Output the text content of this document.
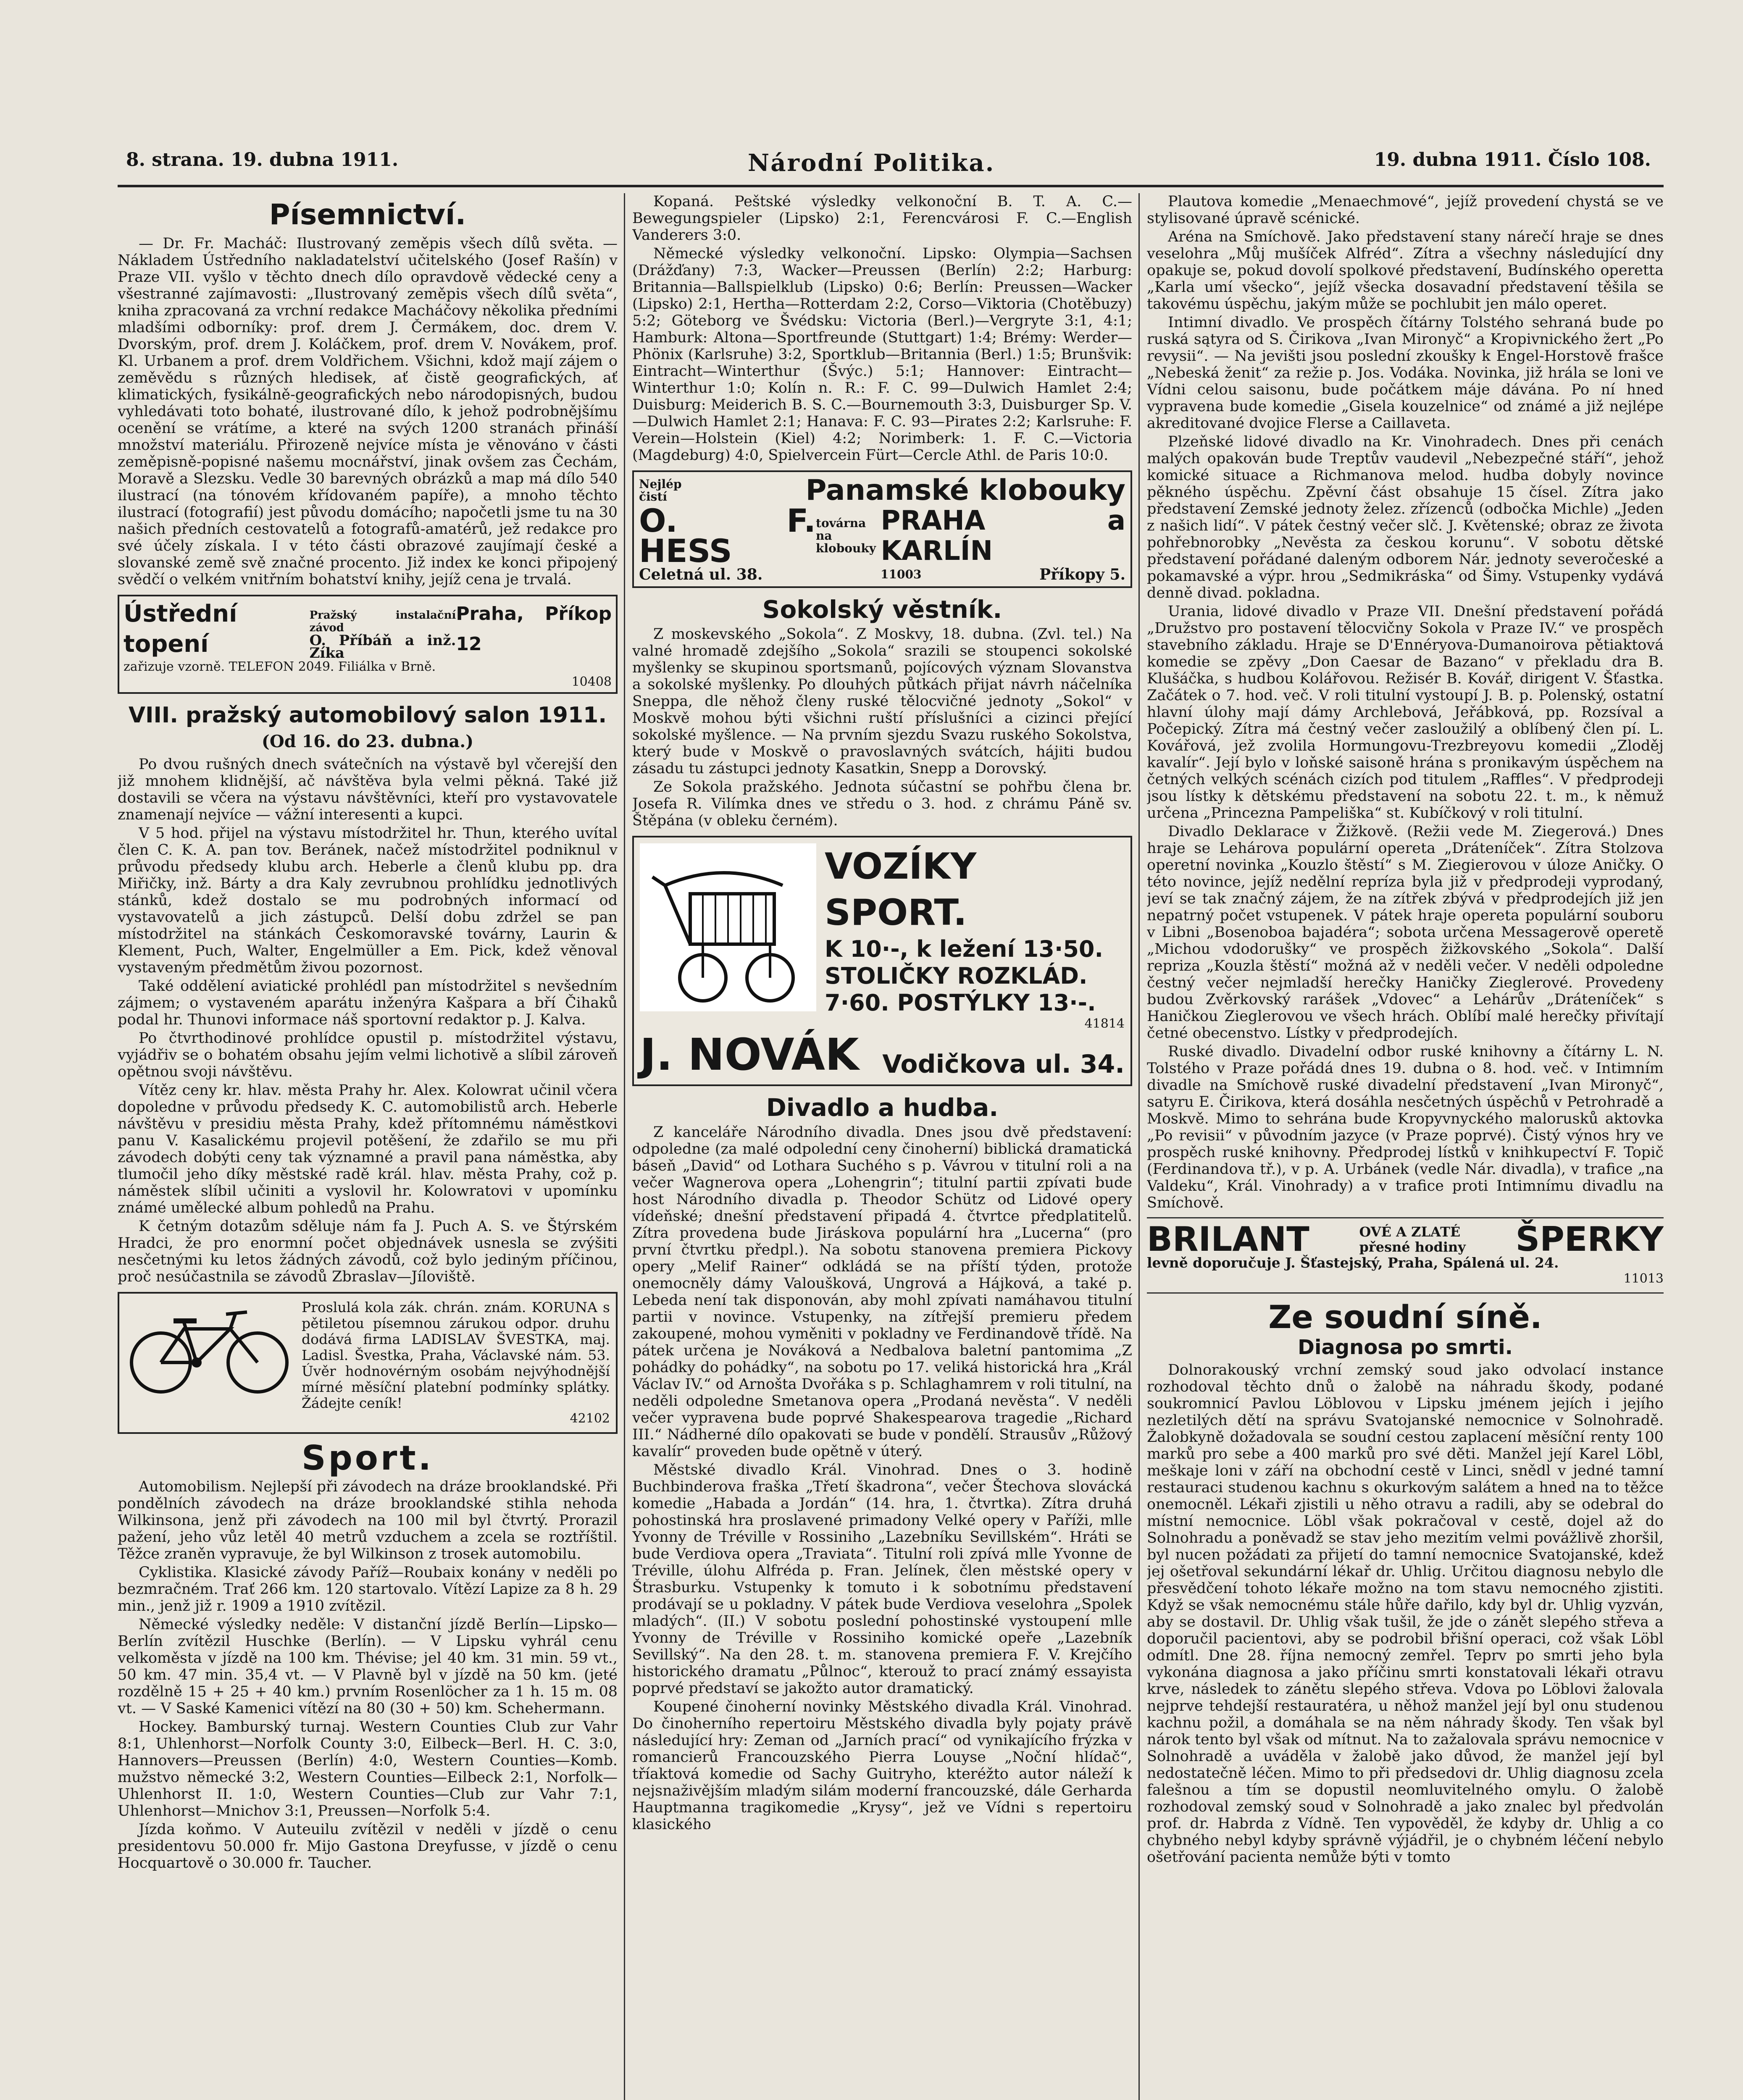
8. strana. 19. dubna 1911.	Národní Politika.	19. dubna 1911. Číslo 108.
Písemnictví.

— Dr. Fr. Macháč: Ilustrovaný zeměpis všech dílů světa. — Nákladem Ústředního nakladatelství učitelského (Josef Rašín) v Praze VII. vyšlo v těchto dnech dílo opravdově vědecké ceny a všestranné zajímavosti: „Ilustrovaný zeměpis všech dílů světa“, kniha zpracovaná za vrchní redakce Macháčovy několika předními mladšími odborníky: prof. drem J. Čermákem, doc. drem V. Dvorským, prof. drem J. Koláčkem, prof. drem V. Novákem, prof. Kl. Urbanem a prof. drem Voldřichem. Všichni, kdož mají zájem o zeměvědu s různých hledisek, ať čistě geografických, ať klimatických, fysikálně-geografických nebo národopisných, budou vyhledávati toto bohaté, ilustrované dílo, k jehož podrobnějšímu ocenění se vrátíme, a které na svých 1200 stranách přináší množství materiálu. Přirozeně nejvíce místa je věnováno v části zeměpisně-popisné našemu mocnářství, jinak ovšem zas Čechám, Moravě a Slezsku. Vedle 30 barevných obrázků a map má dílo 540 ilustrací (na tónovém křídovaném papíře), a mnoho těchto ilustrací (fotografií) jest původu domácího; napočetli jsme tu na 30 našich předních cestovatelů a fotografů-amatérů, jež redakce pro své účely získala. I v této části obrazové zaujímají české a slovanské země svě značné procento. Již index ke konci připojený svědčí o velkém vnitřním bohatství knihy, jejíž cena je trvalá.

Ústřední topení
Pražský instalační závod
O. Příbáň a inž. Zíka
Praha, Příkop 12
zařizuje vzorně. TELEFON 2049. Filiálka v Brně.
10408
VIII. pražský automobilový salon 1911.
(Od 16. do 23. dubna.)

Po dvou rušných dnech svátečních na výstavě byl včerejší den již mnohem klidnější, ač návštěva byla velmi pěkná. Také již dostavili se včera na výstavu návštěvníci, kteří pro vystavovatele znamenají nejvíce — vážní interesenti a kupci.

V 5 hod. přijel na výstavu místodržitel hr. Thun, kterého uvítal člen C. K. A. pan tov. Beránek, načež místodržitel podniknul v průvodu předsedy klubu arch. Heberle a členů klubu pp. dra Miřičky, inž. Bárty a dra Kaly zevrubnou prohlídku jednotlivých stánků, kdež dostalo se mu podrobných informací od vystavovatelů a jich zástupců. Delší dobu zdržel se pan místodržitel na stánkách Českomoravské továrny, Laurin & Klement, Puch, Walter, Engelmüller a Em. Pick, kdež věnoval vystaveným předmětům živou pozornost.

Také oddělení aviatické prohlédl pan místodržitel s nevšedním zájmem; o vystaveném aparátu inženýra Kašpara a bří Čihaků podal hr. Thunovi informace náš sportovní redaktor p. J. Kalva.

Po čtvrthodinové prohlídce opustil p. místodržitel výstavu, vyjádřiv se o bohatém obsahu jejím velmi lichotivě a slíbil zároveň opětnou svoji návštěvu.

Vítěz ceny kr. hlav. města Prahy hr. Alex. Kolowrat učinil včera dopoledne v průvodu předsedy K. C. automobilistů arch. Heberle návštěvu v presidiu města Prahy, kdež přítomnému náměstkovi panu V. Kasalickému projevil potěšení, že zdařilo se mu při závodech dobýti ceny tak významné a pravil pana náměstka, aby tlumočil jeho díky městské radě král. hlav. města Prahy, což p. náměstek slíbil učiniti a vyslovil hr. Kolowratovi v upomínku známé umělecké album pohledů na Prahu.

K četným dotazům sděluje nám fa J. Puch A. S. ve Štýrském Hradci, že pro enormní počet objednávek usnesla se zvýšiti nesčetnými ku letos žádných závodů, což bylo jediným příčinou, proč nesúčastnila se závodů Zbraslav—Jíloviště.

Proslulá kola zák. chrán. znám. KORUNA s pětiletou písemnou zárukou odpor. druhu dodává firma LADISLAV ŠVESTKA, maj. Ladisl. Švestka, Praha, Václavské nám. 53. Úvěr hodnovérným osobám nejvýhodnější mírné měsíční platební podmínky splátky. Žádejte ceník!
42102
Sport.

Automobilism. Nejlepší při závodech na dráze brooklandské. Při pondělních závodech na dráze brooklandské stihla nehoda Wilkinsona, jenž při závodech na 100 mil byl čtvrtý. Prorazil pažení, jeho vůz letěl 40 metrů vzduchem a zcela se roztříštil. Těžce zraněn vypravuje, že byl Wilkinson z trosek automobilu.

Cyklistika. Klasické závody Paříž—Roubaix konány v neděli po bezmračném. Trať 266 km. 120 startovalo. Vítězí Lapize za 8 h. 29 min., jenž již r. 1909 a 1910 zvítězil.

Německé výsledky neděle: V distanční jízdě Berlín—Lipsko—Berlín zvítězil Huschke (Berlín). — V Lipsku vyhrál cenu velkoměsta v jízdě na 100 km. Thévise; jel 40 km. 31 min. 59 vt., 50 km. 47 min. 35,4 vt. — V Plavně byl v jízdě na 50 km. (jeté rozdělně 15 + 25 + 40 km.) prvním Rosenlöcher za 1 h. 15 m. 08 vt. — V Saské Kamenici vítězí na 80 (30 + 50) km. Schehermann.

Hockey. Bamburský turnaj. Western Counties Club zur Vahr 8:1, Uhlenhorst—Norfolk County 3:0, Eilbeck—Berl. H. C. 3:0, Hannovers—Preussen (Berlín) 4:0, Western Counties—Komb. mužstvo německé 3:2, Western Counties—Eilbeck 2:1, Norfolk—Uhlenhorst II. 1:0, Western Counties—Club zur Vahr 7:1, Uhlenhorst—Mnichov 3:1, Preussen—Norfolk 5:4.

Jízda koňmo. V Auteuilu zvítězil v neděli v jízdě o cenu presidentovu 50.000 fr. Mijo Gastona Dreyfusse, v jízdě o cenu Hocquartově o 30.000 fr. Taucher.

Kopaná. Peštské výsledky velkonoční B. T. A. C.—Bewegungspieler (Lipsko) 2:1, Ferencvárosi F. C.—English Vanderers 3:0.

Německé výsledky velkonoční. Lipsko: Olympia—Sachsen (Drážďany) 7:3, Wacker—Preussen (Berlín) 2:2; Harburg: Britannia—Ballspielklub (Lipsko) 0:6; Berlín: Preussen—Wacker (Lipsko) 2:1, Hertha—Rotterdam 2:2, Corso—Viktoria (Chotěbuzy) 5:2; Göteborg ve Švédsku: Victoria (Berl.)—Vergryte 3:1, 4:1; Hamburk: Altona—Sportfreunde (Stuttgart) 1:4; Brémy: Werder—Phönix (Karlsruhe) 3:2, Sportklub—Britannia (Berl.) 1:5; Brunšvik: Eintracht—Winterthur (Švýc.) 5:1; Hannover: Eintracht—Winterthur 1:0; Kolín n. R.: F. C. 99—Dulwich Hamlet 2:4; Duisburg: Meiderich B. S. C.—Bournemouth 3:3, Duisburger Sp. V.—Dulwich Hamlet 2:1; Hanava: F. C. 93—Pirates 2:2; Karlsruhe: F. Verein—Holstein (Kiel) 4:2; Norimberk: 1. F. C.—Victoria (Magdeburg) 4:0, Spielvercein Fürt—Cercle Athl. de Paris 10:0.

Nejlép čistí	Panamské klobouky
O. F. HESS
továrna na klobouky
PRAHA a KARLÍN
Celetná ul. 38.	11003	Příkopy 5.
Sokolský věstník.

Z moskevského „Sokola“. Z Moskvy, 18. dubna. (Zvl. tel.) Na valné hromadě zdejšího „Sokola“ srazili se stoupenci sokolské myšlenky se skupinou sportsmanů, pojícových význam Slovanstva a sokolské myšlenky. Po dlouhých půtkách přijat návrh náčelníka Sneppa, dle něhož členy ruské tělocvičné jednoty „Sokol“ v Moskvě mohou býti všichni ruští příslušníci a cizinci přející sokolské myšlence. — Na prvním sjezdu Svazu ruského Sokolstva, který bude v Moskvě o pravoslavných svátcích, hájiti budou zásadu tu zástupci jednoty Kasatkin, Snepp a Dorovský.

Ze Sokola pražského. Jednota súčastní se pohřbu člena br. Josefa R. Vilímka dnes ve středu o 3. hod. z chrámu Páně sv. Štěpána (v obleku černém).

VOZÍKY SPORT.
K 10·-, k ležení 13·50.
STOLIČKY ROZKLÁD.
7·60. POSTÝLKY 13·-.
41814
J. NOVÁK Vodičkova ul. 34.
Divadlo a hudba.

Z kanceláře Národního divadla. Dnes jsou dvě představení: odpoledne (za malé odpolední ceny činoherní) biblická dramatická báseň „David“ od Lothara Suchého s p. Vávrou v titulní roli a na večer Wagnerova opera „Lohengrin“; titulní partii zpívati bude host Národního divadla p. Theodor Schütz od Lidové opery vídeňské; dnešní představení připadá 4. čtvrtce předplatitelů. Zítra provedena bude Jiráskova populární hra „Lucerna“ (pro první čtvrtku předpl.). Na sobotu stanovena premiera Pickovy opery „Melif Rainer“ odkládá se na příští týden, protože onemocněly dámy Valoušková, Ungrová a Hájková, a také p. Lebeda není tak disponován, aby mohl zpívati namáhavou titulní partii v novince. Vstupenky, na zítřejší premieru předem zakoupené, mohou vyměniti v pokladny ve Ferdinandově třídě. Na pátek určena je Nováková a Nedbalova baletní pantomima „Z pohádky do pohádky“, na sobotu po 17. veliká historická hra „Král Václav IV.“ od Arnošta Dvořáka s p. Schlaghamrem v roli titulní, na neděli odpoledne Smetanova opera „Prodaná nevěsta“. V neděli večer vypravena bude poprvé Shakespearova tragedie „Richard III.“ Nádherné dílo opakovati se bude v pondělí. Strausův „Růžový kavalír“ proveden bude opětně v úterý.

Městské divadlo Král. Vinohrad. Dnes o 3. hodině Buchbinderova fraška „Třetí škadrona“, večer Štechova slovácká komedie „Habada a Jordán“ (14. hra, 1. čtvrtka). Zítra druhá pohostinská hra proslavené primadony Velké opery v Paříži, mlle Yvonny de Tréville v Rossiniho „Lazebníku Sevillském“. Hráti se bude Verdiova opera „Traviata“. Titulní roli zpívá mlle Yvonne de Tréville, úlohu Alfréda p. Fran. Jelínek, člen městské opery v Štrasburku. Vstupenky k tomuto i k sobotnímu představení prodávají se u pokladny. V pátek bude Verdiova veselohra „Spolek mladých“. (II.) V sobotu poslední pohostinské vystoupení mlle Yvonny de Tréville v Rossiniho komické opeře „Lazebník Sevillský“. Na den 28. t. m. stanovena premiera F. V. Krejčího historického dramatu „Půlnoc“, kterouž to prací známý essayista poprvé představí se jakožto autor dramatický.

Koupené činoherní novinky Městského divadla Král. Vinohrad. Do činoherního repertoiru Městského divadla byly pojaty právě následující hry: Zeman od „Jarních prací“ od vynikajícího frýzka v romancierů Francouzského Pierra Louyse „Noční hlídač“, tříaktová komedie od Sachy Guitryho, kteréžto autor náleží k nejsnaživějším mladým silám moderní francouzské, dále Gerharda Hauptmanna tragikomedie „Krysy“, jež ve Vídni s repertoiru klasického

Plautova komedie „Menaechmové“, jejíž provedení chystá se ve stylisované úpravě scénické.

Aréna na Smíchově. Jako představení stany nárečí hraje se dnes veselohra „Můj mušíček Alfréd“. Zítra a všechny následující dny opakuje se, pokud dovolí spolkové představení, Budínského operetta „Karla umí všecko“, jejíž všecka dosavadní představení těšila se takovému úspěchu, jakým může se pochlubit jen málo operet.

Intimní divadlo. Ve prospěch čítárny Tolstého sehraná bude po ruská sątyra od S. Čirikova „Ivan Mironyč“ a Kropivnického žert „Po revysii“. — Na jevišti jsou poslední zkoušky k Engel-Horstově frašce „Nebeská ženit“ za režie p. Jos. Vodáka. Novinka, již hrála se loni ve Vídni celou saisonu, bude počátkem máje dávána. Po ní hned vypravena bude komedie „Gisela kouzelnice“ od známé a již nejlépe akreditované dvojice Flerse a Caillaveta.

Plzeňské lidové divadlo na Kr. Vinohradech. Dnes při cenách malých opakován bude Treptův vaudevil „Nebezpečné stáří“, jehož komické situace a Richmanova melod. hudba dobyly novince pěkného úspěchu. Zpěvní část obsahuje 15 čísel. Zítra jako představení Zemské jednoty želez. zřízenců (odbočka Michle) „Jeden z našich lidí“. V pátek čestný večer slč. J. Květenské; obraz ze života pohřebnorobky „Nevěsta za českou korunu“. V sobotu dětské představení pořádané daleným odborem Nár. jednoty severočeské a pokamavské a výpr. hrou „Sedmikráska“ od Šimy. Vstupenky vydává denně divad. pokladna.

Urania, lidové divadlo v Praze VII. Dnešní představení pořádá „Družstvo pro postavení tělocvičny Sokola v Praze IV.“ ve prospěch stavebního základu. Hraje se D'Ennéryova-Dumanoirova pětiaktová komedie se zpěvy „Don Caesar de Bazano“ v překladu dra B. Klušáčka, s hudbou Kolářovou. Režisér B. Kovář, dirigent V. Šťastka. Začátek o 7. hod. več. V roli titulní vystoupí J. B. p. Polenský, ostatní hlavní úlohy mají dámy Archlebová, Jeřábková, pp. Rozsíval a Počepický. Zítra má čestný večer zasloužilý a oblíbený člen pí. L. Kovářová, jež zvolila Hormungovu-Trezbreyovu komedii „Zloděj kavalír“. Její bylo v loňské saisoně hrána s pronikavým úspěchem na četných velkých scénách cizích pod titulem „Raffles“. V předprodeji jsou lístky k dětskému představení na sobotu 22. t. m., k němuž určena „Princezna Pampeliška“ st. Kubíčkový v roli titulní.

Divadlo Deklarace v Žižkově. (Režii vede M. Ziegerová.) Dnes hraje se Lehárova populární opereta „Dráteníček“. Zítra Stolzova operetní novinka „Kouzlo štěstí“ s M. Ziegierovou v úloze Aničky. O této novince, jejíž nedělní repríza byla již v předprodeji vyprodaný, jeví se tak značný zájem, že na zítřek zbývá v předprodejích již jen nepatrný počet vstupenek. V pátek hraje opereta populární souboru v Libni „Bosenoboa bajadéra“; sobota určena Messagerově operetě „Michou vdodorušky“ ve prospěch žižkovského „Sokola“. Další repriza „Kouzla štěstí“ možná až v neděli večer. V neděli odpoledne čestný večer nejmladší herečky Haničky Zieglerové. Provedeny budou Zvěrkovský rarášek „Vdovec“ a Lehárův „Dráteníček“ s Haničkou Zieglerovou ve všech hrách. Oblíbí malé herečky přivítají četné obecenstvo. Lístky v předprodejích.

Ruské divadlo. Divadelní odbor ruské knihovny a čítárny L. N. Tolstého v Praze pořádá dnes 19. dubna o 8. hod. več. v Intimním divadle na Smíchově ruské divadelní představení „Ivan Mironyč“, satyru E. Čirikova, která dosáhla nesčetných úspěchů v Petrohradě a Moskvě. Mimo to sehrána bude Kropyvnyckého malorusků aktovka „Po revisii“ v původním jazyce (v Praze poprvé). Čistý výnos hry ve prospěch ruské knihovny. Předprodej lístků v knihkupectví F. Topič (Ferdinandova tř.), v p. A. Urbánek (vedle Nár. divadla), v trafice „na Valdeku“, Král. Vinohrady) a v trafice proti Intimnímu divadlu na Smíchově.

BRILANT	OVÉ A ZLATÉ
přesné hodiny ŠPERKY
levně doporučuje J. Šťastejský, Praha, Spálená ul. 24.
11013
Ze soudní síně.
Diagnosa po smrti.

Dolnorakouský vrchní zemský soud jako odvolací instance rozhodoval těchto dnů o žalobě na náhradu škody, podané soukromnicí Pavlou Löblovou v Lipsku jménem jejích i jejího nezletilých dětí na správu Svatojanské nemocnice v Solnohradě. Žalobkyně dožadovala se soudní cestou zaplacení měsíční renty 100 marků pro sebe a 400 marků pro své děti. Manžel její Karel Löbl, meškaje loni v září na obchodní cestě v Linci, snědl v jedné tamní restauraci studenou kachnu s okurkovým salátem a hned na to těžce onemocněl. Lékaři zjistili u něho otravu a radili, aby se odebral do místní nemocnice. Löbl však pokračoval v cestě, dojel až do Solnohradu a poněvadž se stav jeho mezitím velmi povážlivě zhoršil, byl nucen požádati za přijetí do tamní nemocnice Svatojanské, kdež jej ošetřoval sekundární lékař dr. Uhlig. Určitou diagnosu nebylo dle přesvědčení tohoto lékaře možno na tom stavu nemocného zjistiti. Když se však nemocnému stále hůře dařilo, kdy byl dr. Uhlig vyzván, aby se dostavil. Dr. Uhlig však tušil, že jde o zánět slepého střeva a doporučil pacientovi, aby se podrobil břišní operaci, což však Löbl odmítl. Dne 28. října nemocný zemřel. Teprv po smrti jeho byla vykonána diagnosa a jako příčinu smrti konstatovali lékaři otravu krve, následek to zánětu slepého střeva. Vdova po Löblovi žalovala nejprve tehdejší restauratéra, u něhož manžel její byl onu studenou kachnu požil, a domáhala se na něm náhrady škody. Ten však byl nárok tento byl však od mítnut. Na to zažalovala správu nemocnice v Solnohradě a uváděla v žalobě jako důvod, že manžel její byl nedostatečně léčen. Mimo to při předsedovi dr. Uhlig diagnosu zcela falešnou a tím se dopustil neomluvitelného omylu. O žalobě rozhodoval zemský soud v Solnohradě a jako znalec byl předvolán prof. dr. Habrda z Vídně. Ten vypověděl, že kdyby dr. Uhlig a co chybného nebyl kdyby správně výjádřil, je o chybném léčení nebylo ošetřování pacienta nemůže býti v tomto
